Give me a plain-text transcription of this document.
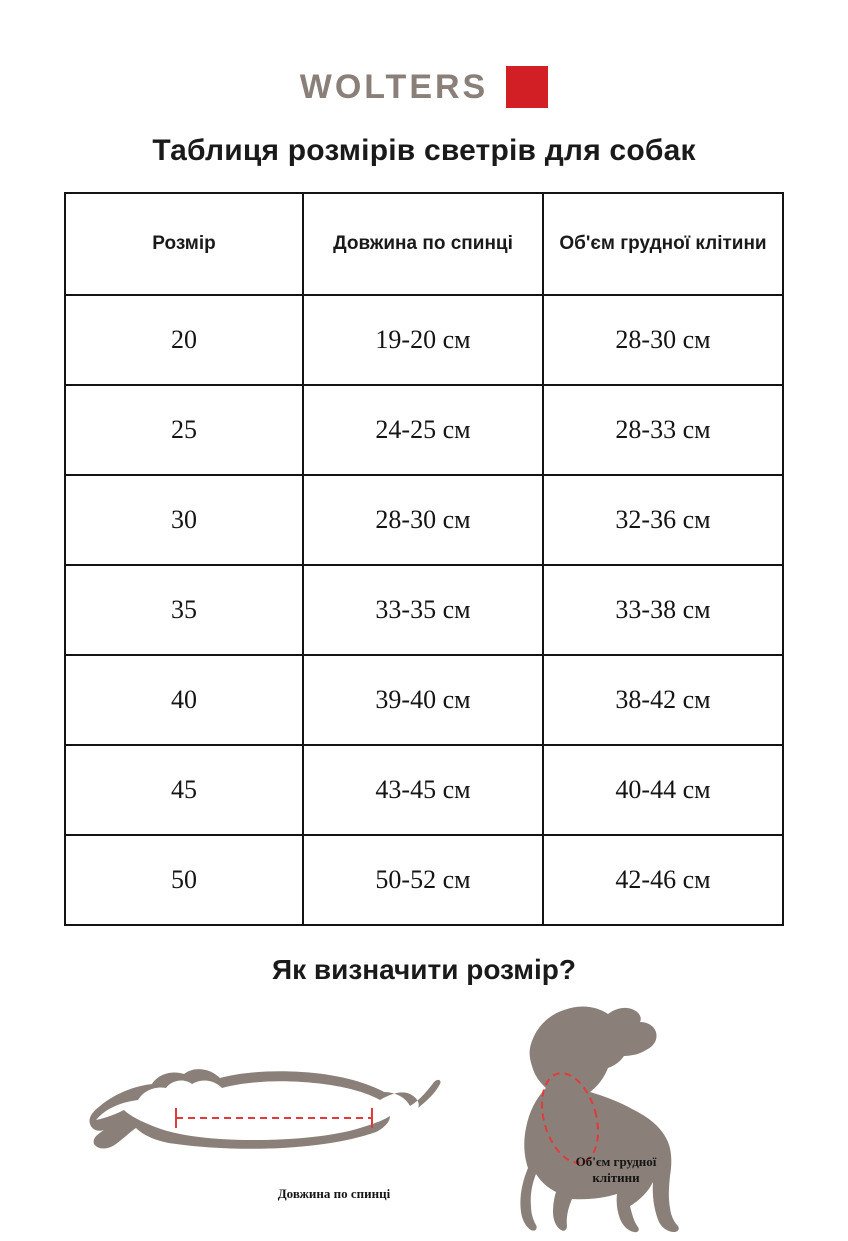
WOLTERS
Таблиця розмірів светрів для собак
Розмір	Довжина по спинці	Об'єм грудної клітини
20	19-20 см	28-30 см
25	24-25 см	28-33 см
30	28-30 см	32-36 см
35	33-35 см	33-38 см
40	39-40 см	38-42 см
45	43-45 см	40-44 см
50	50-52 см	42-46 см
Як визначити розмір?
Довжина по спинці
Об'єм грудної клітини
